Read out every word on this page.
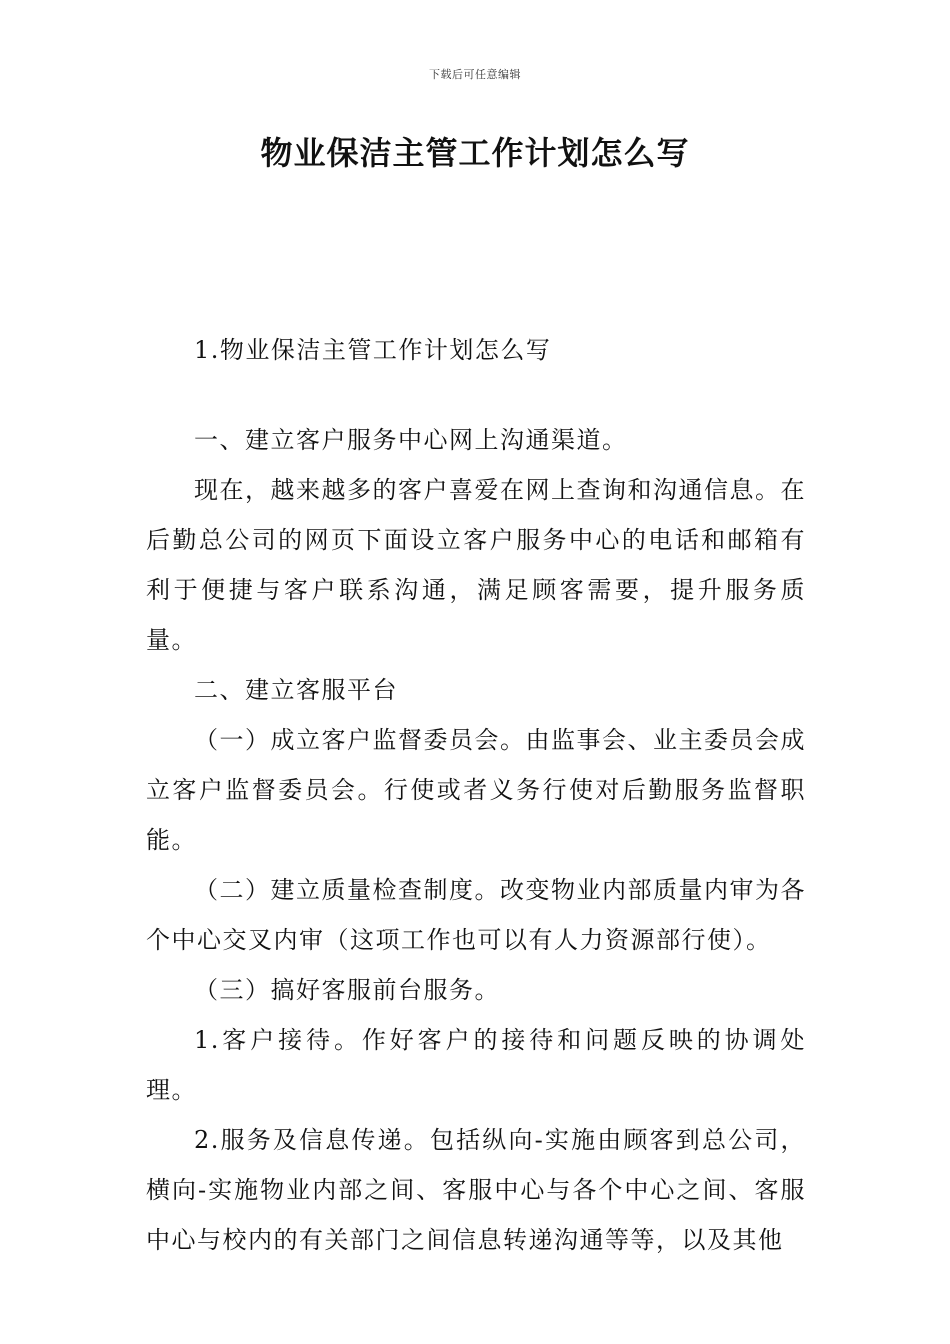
下载后可任意编辑
物业保洁主管工作计划怎么写

1.物业保洁主管工作计划怎么写

一、建立客户服务中心网上沟通渠道。

现在，越来越多的客户喜爱在网上查询和沟通信息。在后勤总公司的网页下面设立客户服务中心的电话和邮箱有利于便捷与客户联系沟通，满足顾客需要，提升服务质量。

二、建立客服平台

（一）成立客户监督委员会。由监事会、业主委员会成立客户监督委员会。行使或者义务行使对后勤服务监督职能。

（二）建立质量检查制度。改变物业内部质量内审为各个中心交叉内审（这项工作也可以有人力资源部行使）。

（三）搞好客服前台服务。

1.客户接待。作好客户的接待和问题反映的协调处理。

2.服务及信息传递。包括纵向-实施由顾客到总公司，横向-实施物业内部之间、客服中心与各个中心之间、客服中心与校内的有关部门之间信息转递沟通等等，以及其他
